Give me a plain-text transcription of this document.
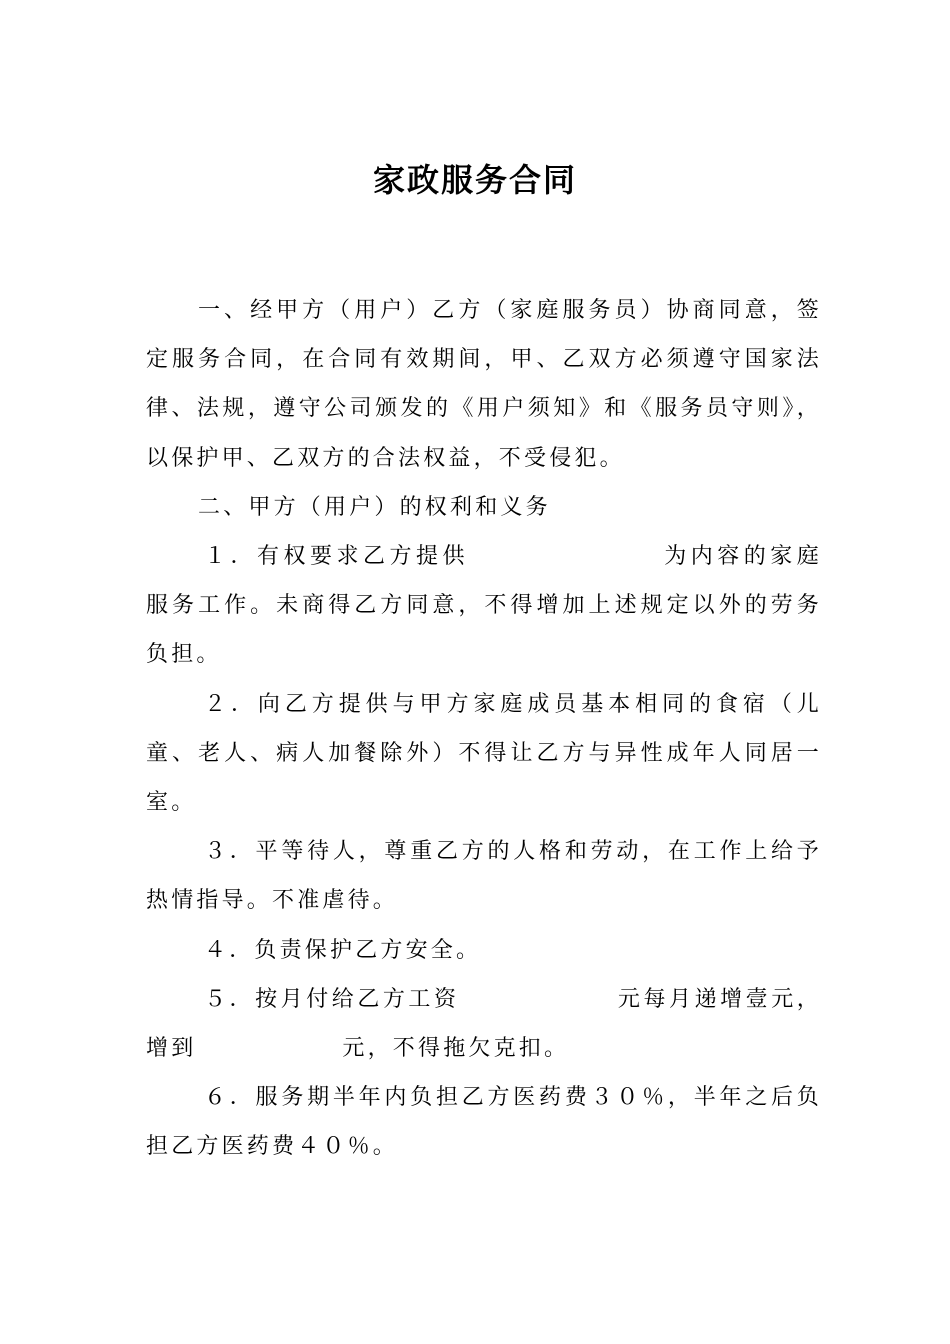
家政服务合同

一、经甲方（用户）乙方（家庭服务员）协商同意，签定服务合同，在合同有效期间，甲、乙双方必须遵守国家法律、法规，遵守公司颁发的《用户须知》和《服务员守则》，以保护甲、乙双方的合法权益，不受侵犯。

二、甲方（用户）的权利和义务

１．有权要求乙方提供	为内容的家庭服务工作。未商得乙方同意，不得增加上述规定以外的劳务负担。

２．向乙方提供与甲方家庭成员基本相同的食宿（儿童、老人、病人加餐除外）不得让乙方与异性成年人同居一室。

３．平等待人，尊重乙方的人格和劳动，在工作上给予热情指导。不准虐待。

４．负责保护乙方安全。

５．按月付给乙方工资	元每月递增壹元，增到	元，不得拖欠克扣。

６．服务期半年内负担乙方医药费３０％，半年之后负担乙方医药费４０％。
